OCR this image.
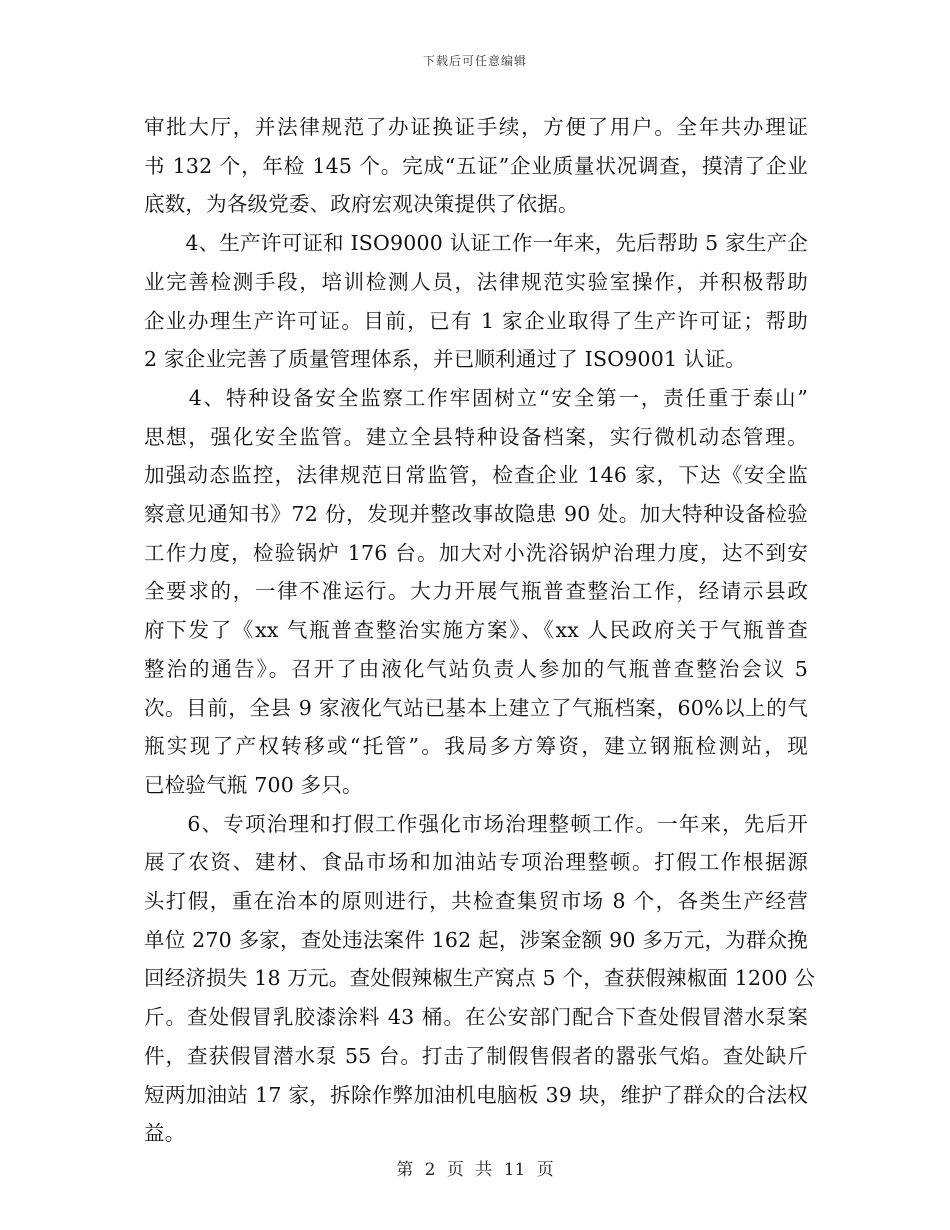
下载后可任意编辑
审批大厅，并法律规范了办证换证手续，方便了用户。全年共办理证
书 132 个，年检 145 个。完成“五证”企业质量状况调查，摸清了企业
底数，为各级党委、政府宏观决策提供了依据。
　　4、生产许可证和 ISO9000 认证工作一年来，先后帮助 5 家生产企
业完善检测手段，培训检测人员，法律规范实验室操作，并积极帮助
企业办理生产许可证。目前，已有 1 家企业取得了生产许可证；帮助
2 家企业完善了质量管理体系，并已顺利通过了 ISO9001 认证。
　　4、特种设备安全监察工作牢固树立“安全第一，责任重于泰山”
思想，强化安全监管。建立全县特种设备档案，实行微机动态管理。
加强动态监控，法律规范日常监管，检查企业 146 家，下达《安全监
察意见通知书》72 份，发现并整改事故隐患 90 处。加大特种设备检验
工作力度，检验锅炉 176 台。加大对小洗浴锅炉治理力度，达不到安
全要求的，一律不准运行。大力开展气瓶普查整治工作，经请示县政
府下发了《xx 气瓶普查整治实施方案》、《xx 人民政府关于气瓶普查
整治的通告》。召开了由液化气站负责人参加的气瓶普查整治会议 5
次。目前，全县 9 家液化气站已基本上建立了气瓶档案，60%以上的气
瓶实现了产权转移或“托管”。我局多方筹资，建立钢瓶检测站，现
已检验气瓶 700 多只。
　　6、专项治理和打假工作强化市场治理整顿工作。一年来，先后开
展了农资、建材、食品市场和加油站专项治理整顿。打假工作根据源
头打假，重在治本的原则进行，共检查集贸市场 8 个，各类生产经营
单位 270 多家，查处违法案件 162 起，涉案金额 90 多万元，为群众挽
回经济损失 18 万元。查处假辣椒生产窝点 5 个，查获假辣椒面 1200 公
斤。查处假冒乳胶漆涂料 43 桶。在公安部门配合下查处假冒潜水泵案
件，查获假冒潜水泵 55 台。打击了制假售假者的嚣张气焰。查处缺斤
短两加油站 17 家，拆除作弊加油机电脑板 39 块，维护了群众的合法权
益。
第 2 页 共 11 页
